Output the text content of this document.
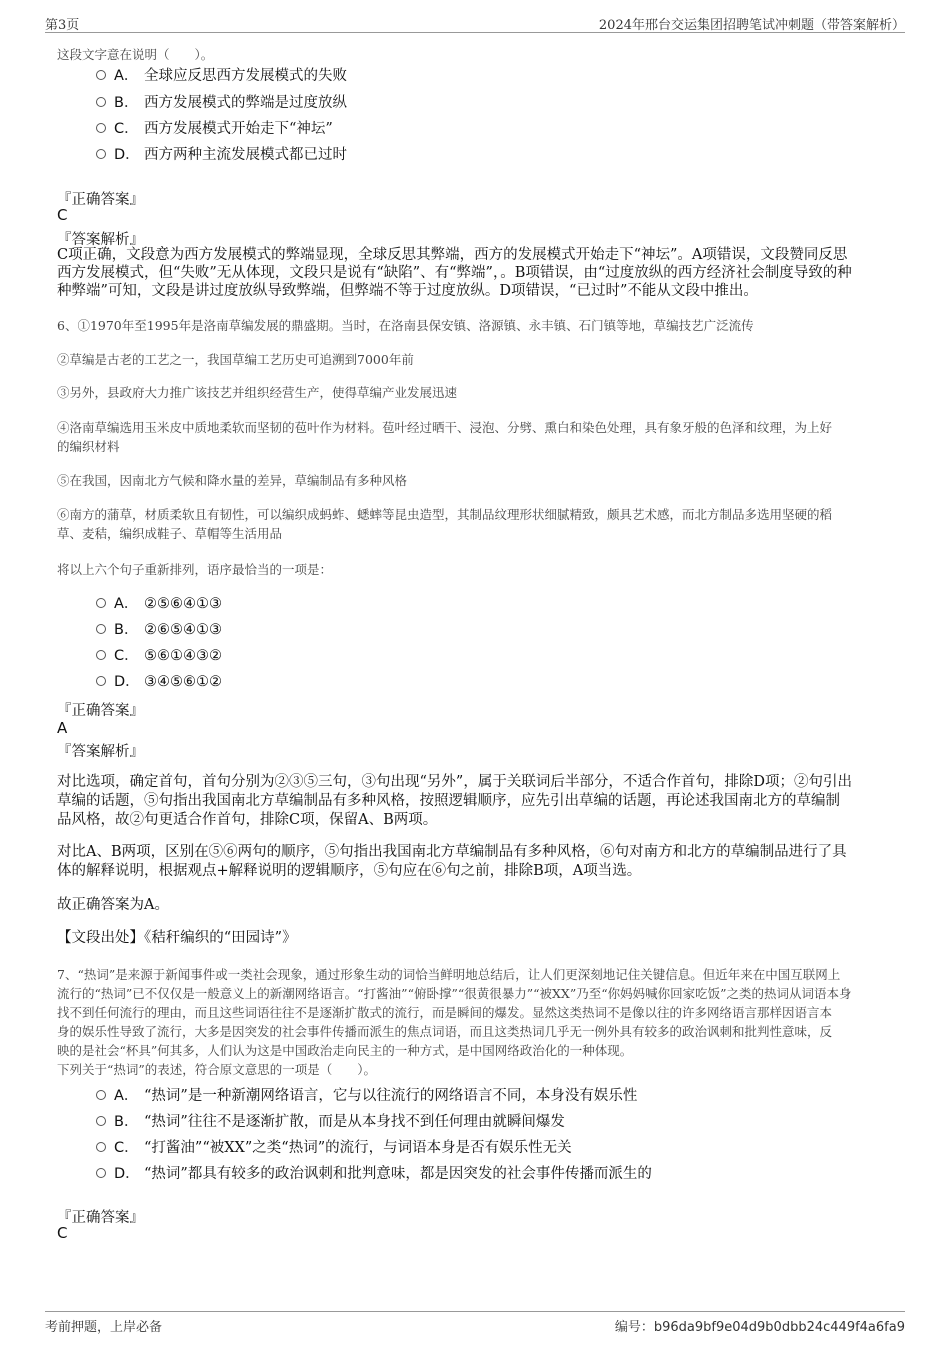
第3页	2024年邢台交运集团招聘笔试冲刺题（带答案解析）
这段文字意在说明（　　）。
A． 全球应反思西方发展模式的失败
B． 西方发展模式的弊端是过度放纵
C． 西方发展模式开始走下“神坛”
D． 西方两种主流发展模式都已过时
『正确答案』
C
『答案解析』
C项正确，文段意为西方发展模式的弊端显现，全球反思其弊端，西方的发展模式开始走下“神坛”。A项错误，文段赞同反思
西方发展模式，但“失败”无从体现，文段只是说有“缺陷”、有“弊端”，。B项错误，由“过度放纵的西方经济社会制度导致的种
种弊端”可知，文段是讲过度放纵导致弊端，但弊端不等于过度放纵。D项错误，“已过时”不能从文段中推出。
6、①1970年至1995年是洛南草编发展的鼎盛期。当时，在洛南县保安镇、洛源镇、永丰镇、石门镇等地，草编技艺广泛流传
②草编是古老的工艺之一，我国草编工艺历史可追溯到7000年前
③另外，县政府大力推广该技艺并组织经营生产，使得草编产业发展迅速
④洛南草编选用玉米皮中质地柔软而坚韧的苞叶作为材料。苞叶经过晒干、浸泡、分劈、熏白和染色处理，具有象牙般的色泽和纹理，为上好
的编织材料
⑤在我国，因南北方气候和降水量的差异，草编制品有多种风格
⑥南方的蒲草，材质柔软且有韧性，可以编织成蚂蚱、蟋蟀等昆虫造型，其制品纹理形状细腻精致，颇具艺术感，而北方制品多选用坚硬的稻
草、麦秸，编织成鞋子、草帽等生活用品
将以上六个句子重新排列，语序最恰当的一项是：
A． ②⑤⑥④①③
B． ②⑥⑤④①③
C． ⑤⑥①④③②
D． ③④⑤⑥①②
『正确答案』
A
『答案解析』
对比选项，确定首句，首句分别为②③⑤三句，③句出现“另外”，属于关联词后半部分，不适合作首句，排除D项；②句引出
草编的话题，⑤句指出我国南北方草编制品有多种风格，按照逻辑顺序，应先引出草编的话题，再论述我国南北方的草编制
品风格，故②句更适合作首句，排除C项，保留A、B两项。
对比A、B两项，区别在⑤⑥两句的顺序，⑤句指出我国南北方草编制品有多种风格，⑥句对南方和北方的草编制品进行了具
体的解释说明，根据观点+解释说明的逻辑顺序，⑤句应在⑥句之前，排除B项，A项当选。
故正确答案为A。
【文段出处】《秸秆编织的“田园诗”》
7、“热词”是来源于新闻事件或一类社会现象，通过形象生动的词恰当鲜明地总结后，让人们更深刻地记住关键信息。但近年来在中国互联网上
流行的“热词”已不仅仅是一般意义上的新潮网络语言。“打酱油”“俯卧撑”“很黄很暴力”“被XX”乃至“你妈妈喊你回家吃饭”之类的热词从词语本身
找不到任何流行的理由，而且这些词语往往不是逐渐扩散式的流行，而是瞬间的爆发。显然这类热词不是像以往的许多网络语言那样因语言本
身的娱乐性导致了流行，大多是因突发的社会事件传播而派生的焦点词语，而且这类热词几乎无一例外具有较多的政治讽刺和批判性意味，反
映的是社会“杯具”何其多，人们认为这是中国政治走向民主的一种方式，是中国网络政治化的一种体现。
下列关于“热词”的表述，符合原文意思的一项是（　　）。
A． “热词”是一种新潮网络语言，它与以往流行的网络语言不同，本身没有娱乐性
B． “热词”往往不是逐渐扩散，而是从本身找不到任何理由就瞬间爆发
C． “打酱油”“被XX”之类“热词”的流行，与词语本身是否有娱乐性无关
D． “热词”都具有较多的政治讽刺和批判意味，都是因突发的社会事件传播而派生的
『正确答案』
C
考前押题，上岸必备	编号：b96da9bf9e04d9b0dbb24c449f4a6fa9
